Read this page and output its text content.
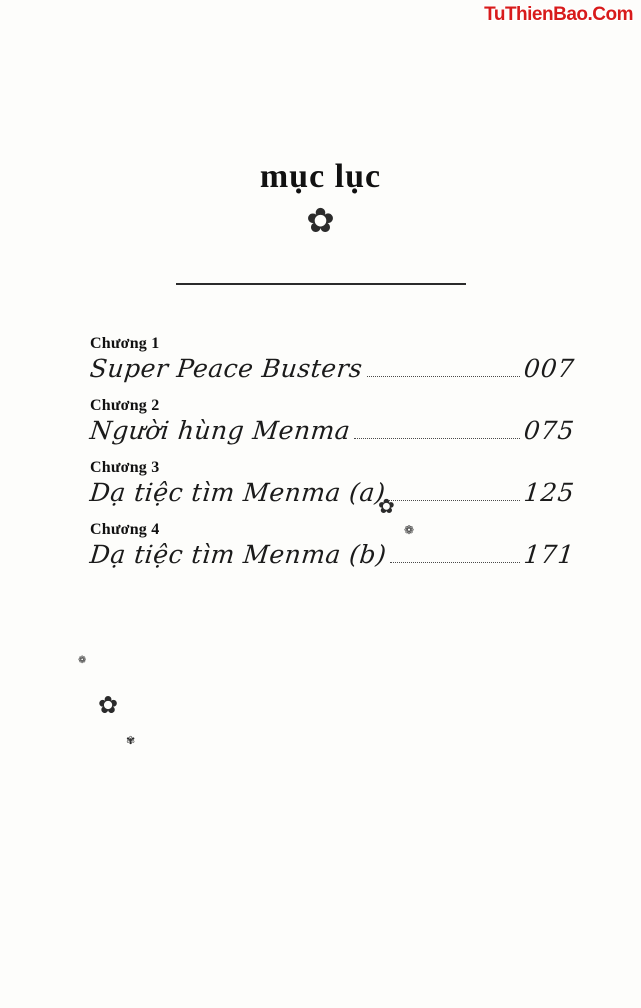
TuThienBao.Com
mục lục
✿
Chương 1
Super Peace Busters	007
Chương 2
Người hùng Menma	075
Chương 3
Dạ tiệc tìm Menma (a)	125
Chương 4
Dạ tiệc tìm Menma (b)	171
✿
❁
❁
✿
✾
